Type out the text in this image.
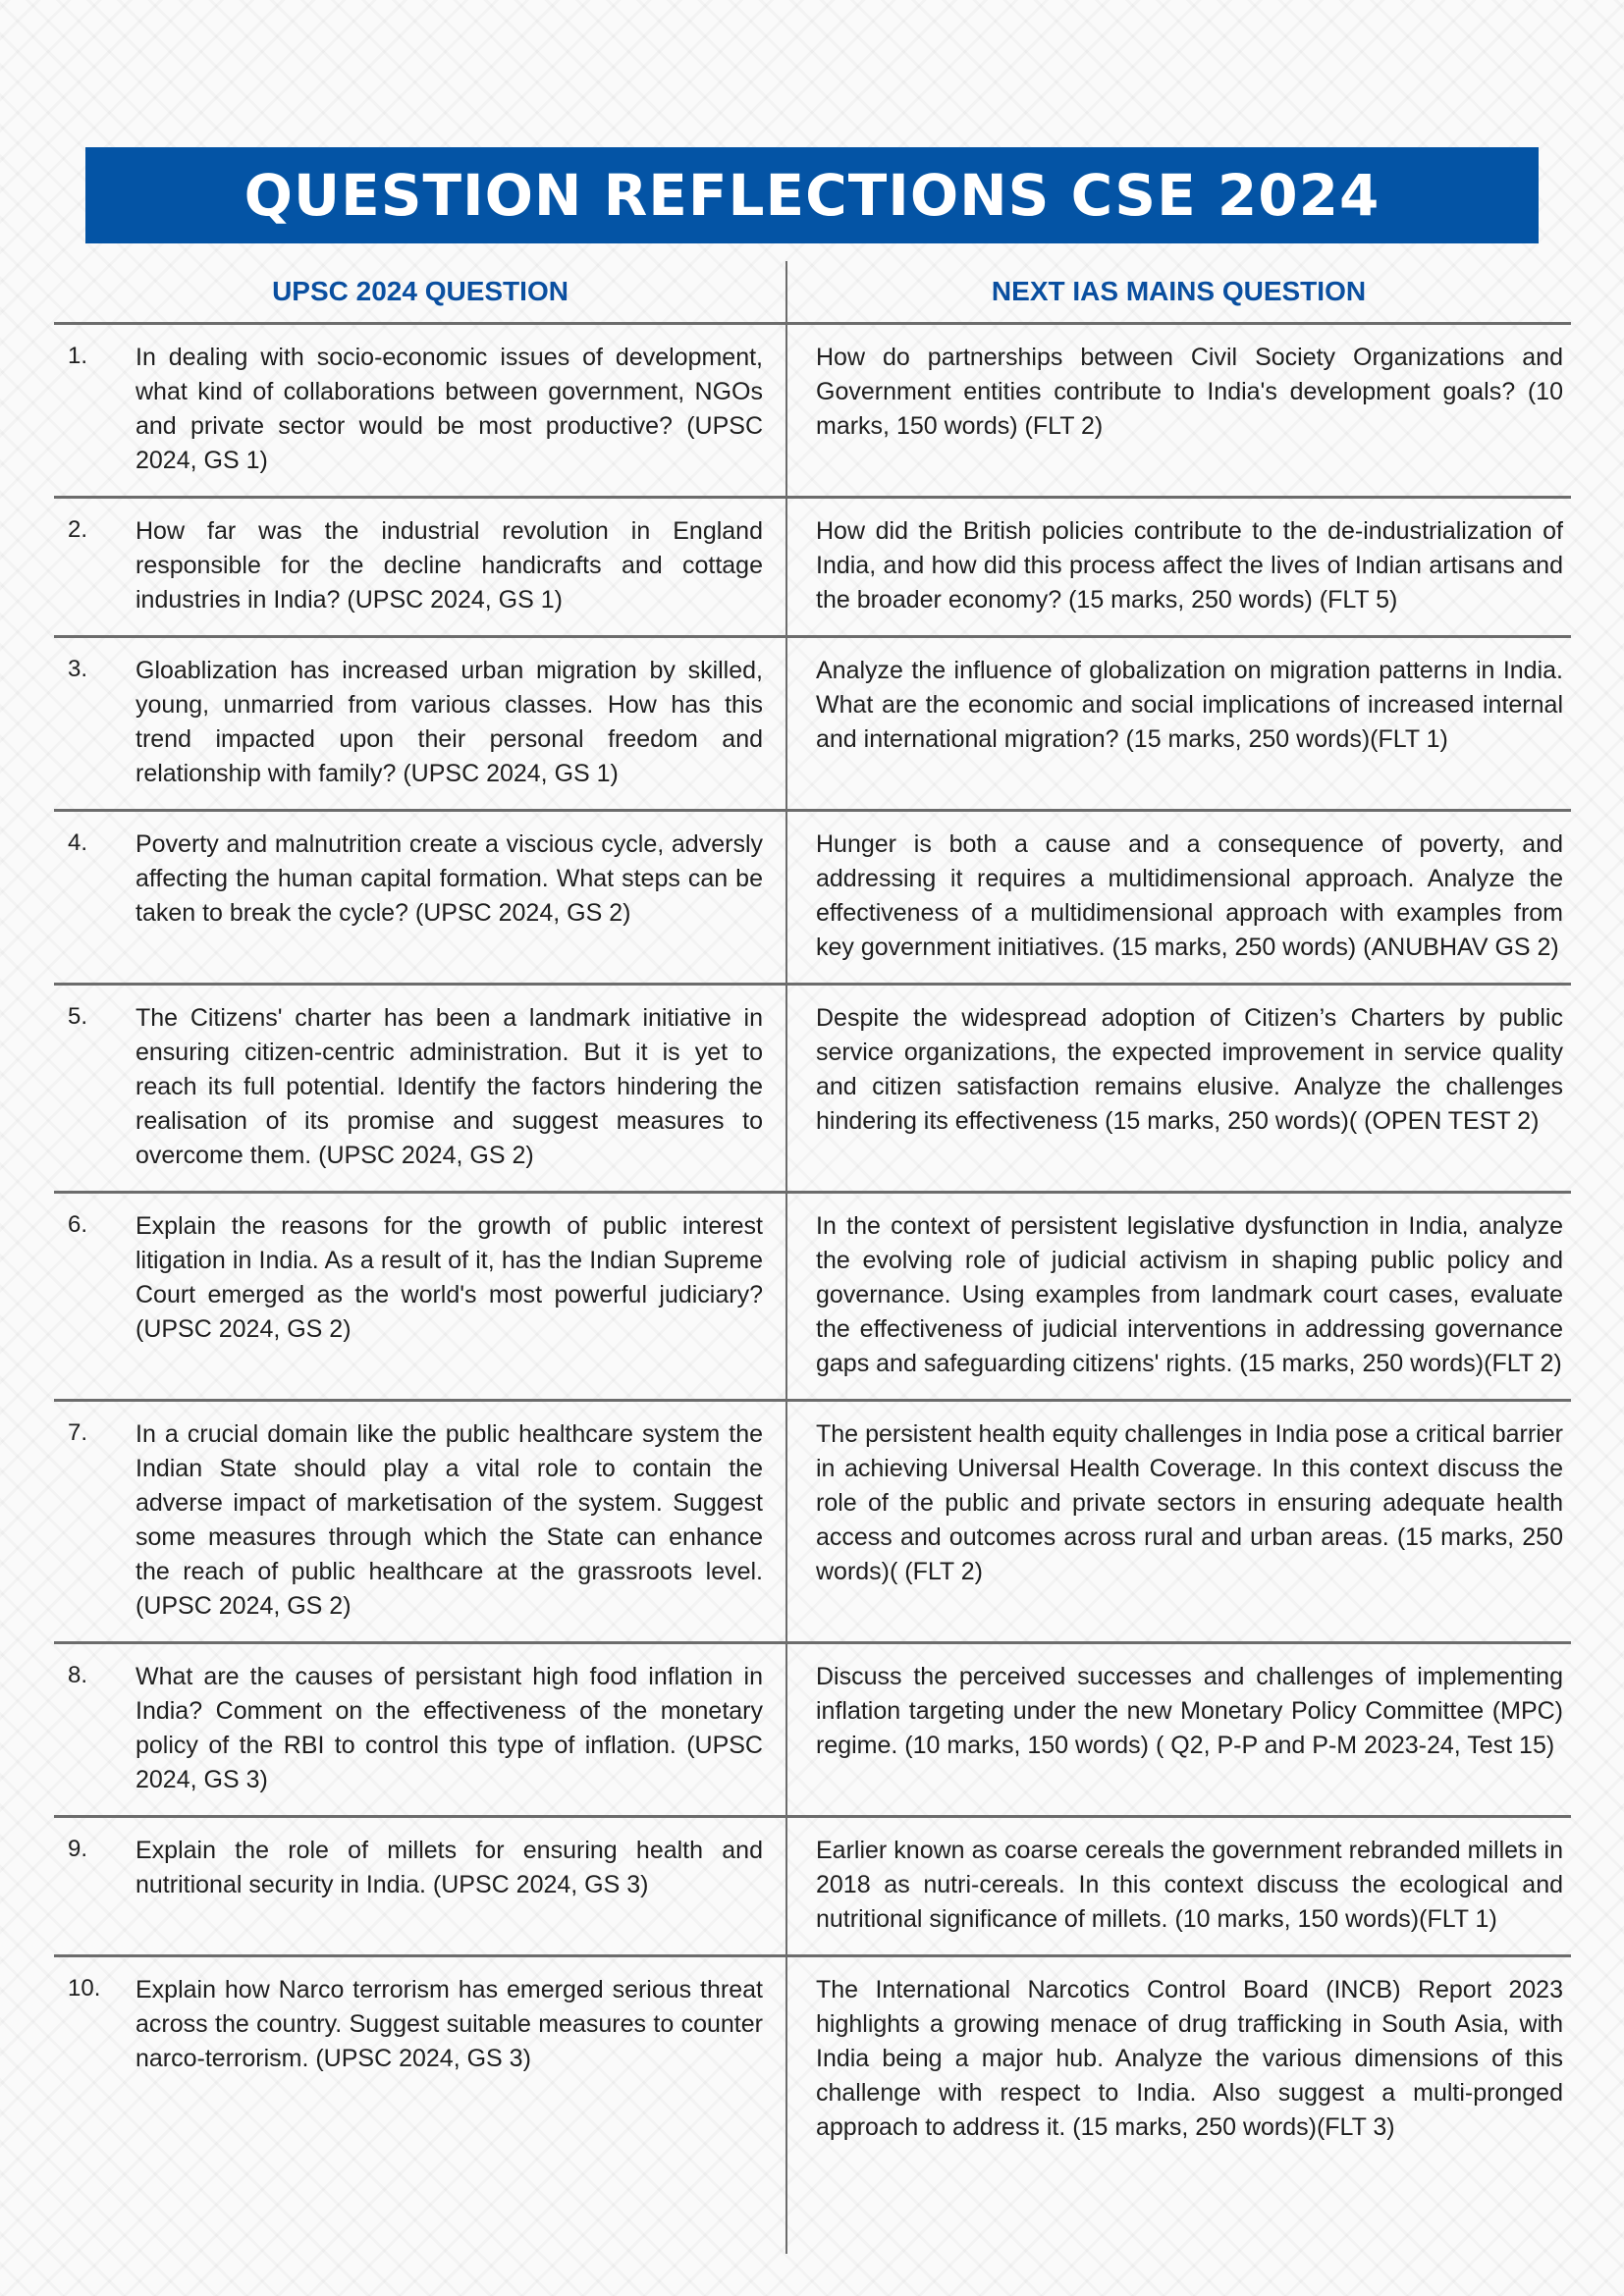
QUESTION REFLECTIONS CSE 2024
UPSC 2024 QUESTION	NEXT IAS MAINS QUESTION
1.	In dealing with socio-economic issues of development, what kind of collaborations between government, NGOs and private sector would be most productive? (UPSC 2024, GS 1)
How do partnerships between Civil Society Organizations and Government entities contribute to India's development goals? (10 marks, 150 words) (FLT 2)
2.	How far was the industrial revolution in England responsible for the decline handicrafts and cottage industries in India? (UPSC 2024, GS 1)
How did the British policies contribute to the de-industrialization of India, and how did this process affect the lives of Indian artisans and the broader economy? (15 marks, 250 words) (FLT 5)
3.	Gloablization has increased urban migration by skilled, young, unmarried from various classes. How has this trend impacted upon their personal freedom and relationship with family? (UPSC 2024, GS 1)
Analyze the influence of globalization on migration patterns in India. What are the economic and social implications of increased internal and international migration? (15 marks, 250 words)(FLT 1)
4.	Poverty and malnutrition create a viscious cycle, adversly affecting the human capital formation. What steps can be taken to break the cycle? (UPSC 2024, GS 2)
Hunger is both a cause and a consequence of poverty, and addressing it requires a multidimensional approach. Analyze the effectiveness of a multidimensional approach with examples from key government initiatives. (15 marks, 250 words) (ANUBHAV GS 2)
5.	The Citizens' charter has been a landmark initiative in ensuring citizen-centric administration. But it is yet to reach its full potential. Identify the factors hindering the realisation of its promise and suggest measures to overcome them. (UPSC 2024, GS 2)
Despite the widespread adoption of Citizen’s Charters by public service organizations, the expected improvement in service quality and citizen satisfaction remains elusive. Analyze the challenges hindering its effectiveness (15 marks, 250 words)( (OPEN TEST 2)
6.	Explain the reasons for the growth of public interest litigation in India. As a result of it, has the Indian Supreme Court emerged as the world's most powerful judiciary? (UPSC 2024, GS 2)
In the context of persistent legislative dysfunction in India, analyze the evolving role of judicial activism in shaping public policy and governance. Using examples from landmark court cases, evaluate the effectiveness of judicial interventions in addressing governance gaps and safeguarding citizens' rights. (15 marks, 250 words)(FLT 2)
7.	In a crucial domain like the public healthcare system the Indian State should play a vital role to contain the adverse impact of marketisation of the system. Suggest some measures through which the State can enhance the reach of public healthcare at the grassroots level. (UPSC 2024, GS 2)
The persistent health equity challenges in India pose a critical barrier in achieving Universal Health Coverage. In this context discuss the role of the public and private sectors in ensuring adequate health access and outcomes across rural and urban areas. (15 marks, 250 words)( (FLT 2)
8.	What are the causes of persistant high food inflation in India? Comment on the effectiveness of the monetary policy of the RBI to control this type of inflation. (UPSC 2024, GS 3)
Discuss the perceived successes and challenges of implementing inflation targeting under the new Monetary Policy Committee (MPC) regime. (10 marks, 150 words) ( Q2, P-P and P-M 2023-24, Test 15)
9.	Explain the role of millets for ensuring health and nutritional security in India. (UPSC 2024, GS 3)
Earlier known as coarse cereals the government rebranded millets in 2018 as nutri-cereals. In this context discuss the ecological and nutritional significance of millets. (10 marks, 150 words)(FLT 1)
10.	Explain how Narco terrorism has emerged serious threat across the country. Suggest suitable measures to counter narco-terrorism. (UPSC 2024, GS 3)
The International Narcotics Control Board (INCB) Report 2023 highlights a growing menace of drug trafficking in South Asia, with India being a major hub. Analyze the various dimensions of this challenge with respect to India. Also suggest a multi-pronged approach to address it. (15 marks, 250 words)(FLT 3)
